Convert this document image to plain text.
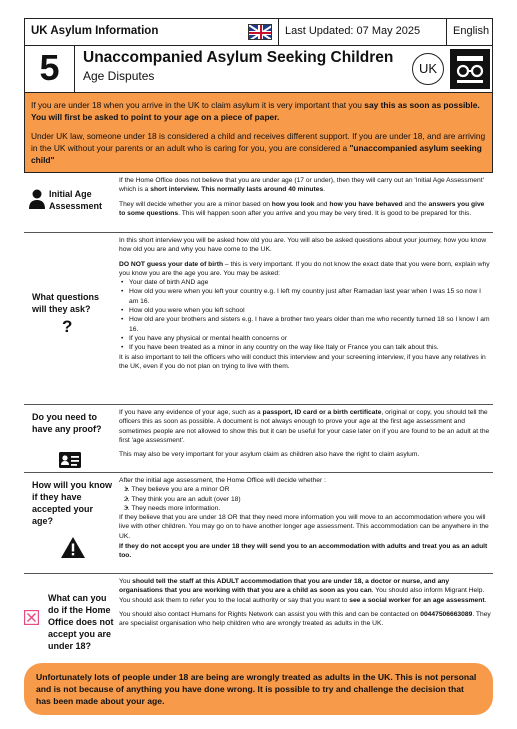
UK Asylum Information	Last Updated: 07 May 2025	English
5	Unaccompanied Asylum Seeking Children
Age Disputes	UK

If you are under 18 when you arrive in the UK to claim asylum it is very important that you say this as soon as possible. You will first be asked to point to your age on a piece of paper.

Under UK law, someone under 18 is considered a child and receives different support. If you are under 18, and are arriving in the UK without your parents or an adult who is caring for you, you are considered a "unaccompanied asylum seeking child"

Initial Age Assessment

If the Home Office does not believe that you are under age (17 or under), then they will carry out an 'Initial Age Assessment' which is a short interview. This normally lasts around 40 minutes.

They will decide whether you are a minor based on how you look and how you have behaved and the answers you give to some questions. This will happen soon after you arrive and you may be very tired. It is good to be prepared for this.

What questions will they ask?
?

In this short interview you will be asked how old you are. You will also be asked questions about your journey, how you know how old you are and why you have come to the UK.

DO NOT guess your date of birth – this is very important. If you do not know the exact date that you were born, explain why you know you are the age you are. You may be asked:

• Your date of birth AND age
• How old you were when you left your country e.g. I left my country just after Ramadan last year when I was 15 so now I am 16.
• How old you were when you left school
• How old are your brothers and sisters e.g. I have a brother two years older than me who recently turned 18 so I know I am 16.
• If you have any physical or mental health concerns or
• If you have been treated as a minor in any country on the way like Italy or France you can talk about this.

It is also important to tell the officers who will conduct this interview and your screening interview, if you have any relatives in the UK, even if you do not plan on trying to live with them.

Do you need to have any proof?

If you have any evidence of your age, such as a passport, ID card or a birth certificate, original or copy, you should tell the officers this as soon as possible. A document is not always enough to prove your age at the first age assessment and sometimes people are not allowed to show this but it can be useful for your case later on if you are found to be an adult at the first 'age assessment'.

This may also be very important for your asylum claim as children also have the right to claim asylum.

How will you know if they have accepted your age?

After the initial age assessment, the Home Office will decide whether :

• 1. They believe you are a minor OR
• 2. They think you are an adult (over 18)
• 3. They needs more information.

If they believe that you are under 18 OR that they need more information you will move to an accommodation where you will live with other children. You may go on to have another longer age assessment. This accommodation can be anywhere in the UK.

If they do not accept you are under 18 they will send you to an accommodation with adults and treat you as an adult too.

What can you do if the Home Office does not accept you are under 18?

You should tell the staff at this ADULT accommodation that you are under 18, a doctor or nurse, and any organisations that you are working with that you are a child as soon as you can. You should also inform Migrant Help. You should ask them to refer you to the local authority or say that you want to see a social worker for an age assessment.

You should also contact Humans for Rights Network can assist you with this and can be contacted on 00447506663089. They are specialist organisation who help children who are wrongly treated as adults in the UK.

Unfortunately lots of people under 18 are being are wrongly treated as adults in the UK. This is not personal and is not because of anything you have done wrong. It is possible to try and challenge the decision that has been made about your age.
